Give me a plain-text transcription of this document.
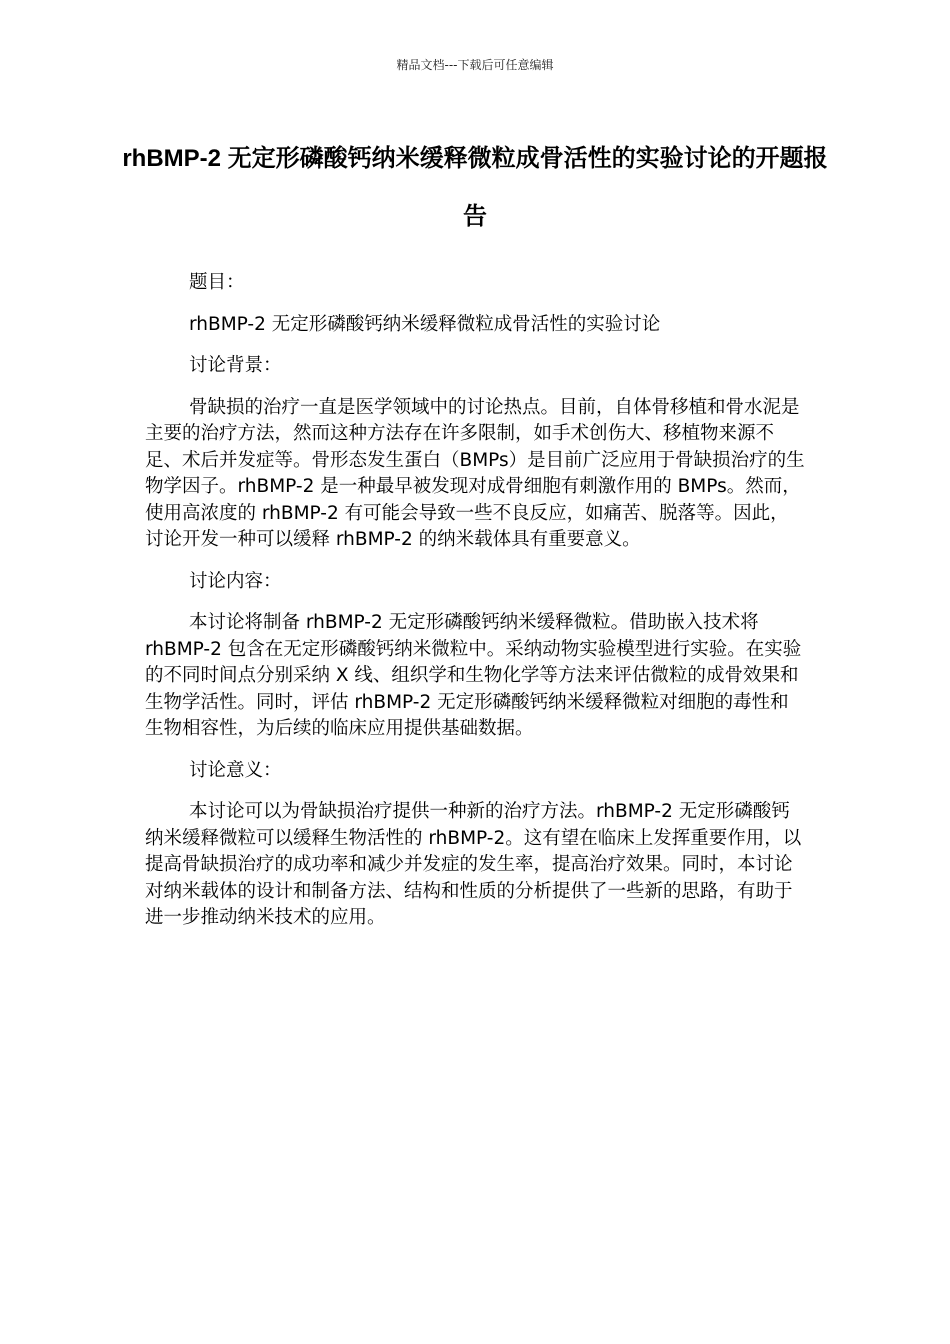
精品文档---下载后可任意编辑
rhBMP-2 无定形磷酸钙纳米缓释微粒成骨活性的实验讨论的开题报告
题目：
rhBMP-2 无定形磷酸钙纳米缓释微粒成骨活性的实验讨论
讨论背景：
骨缺损的治疗一直是医学领域中的讨论热点。目前，自体骨移植和骨水泥是主要的治疗方法，然而这种方法存在许多限制，如手术创伤大、移植物来源不足、术后并发症等。骨形态发生蛋白（BMPs）是目前广泛应用于骨缺损治疗的生物学因子。rhBMP-2 是一种最早被发现对成骨细胞有刺激作用的 BMPs。然而，使用高浓度的 rhBMP-2 有可能会导致一些不良反应，如痛苦、脱落等。因此，讨论开发一种可以缓释 rhBMP-2 的纳米载体具有重要意义。
讨论内容：
本讨论将制备 rhBMP-2 无定形磷酸钙纳米缓释微粒。借助嵌入技术将 rhBMP-2 包含在无定形磷酸钙纳米微粒中。采纳动物实验模型进行实验。在实验的不同时间点分别采纳 X 线、组织学和生物化学等方法来评估微粒的成骨效果和生物学活性。同时，评估 rhBMP-2 无定形磷酸钙纳米缓释微粒对细胞的毒性和生物相容性，为后续的临床应用提供基础数据。
讨论意义：
本讨论可以为骨缺损治疗提供一种新的治疗方法。rhBMP-2 无定形磷酸钙纳米缓释微粒可以缓释生物活性的 rhBMP-2。这有望在临床上发挥重要作用，以提高骨缺损治疗的成功率和减少并发症的发生率，提高治疗效果。同时，本讨论对纳米载体的设计和制备方法、结构和性质的分析提供了一些新的思路，有助于进一步推动纳米技术的应用。
